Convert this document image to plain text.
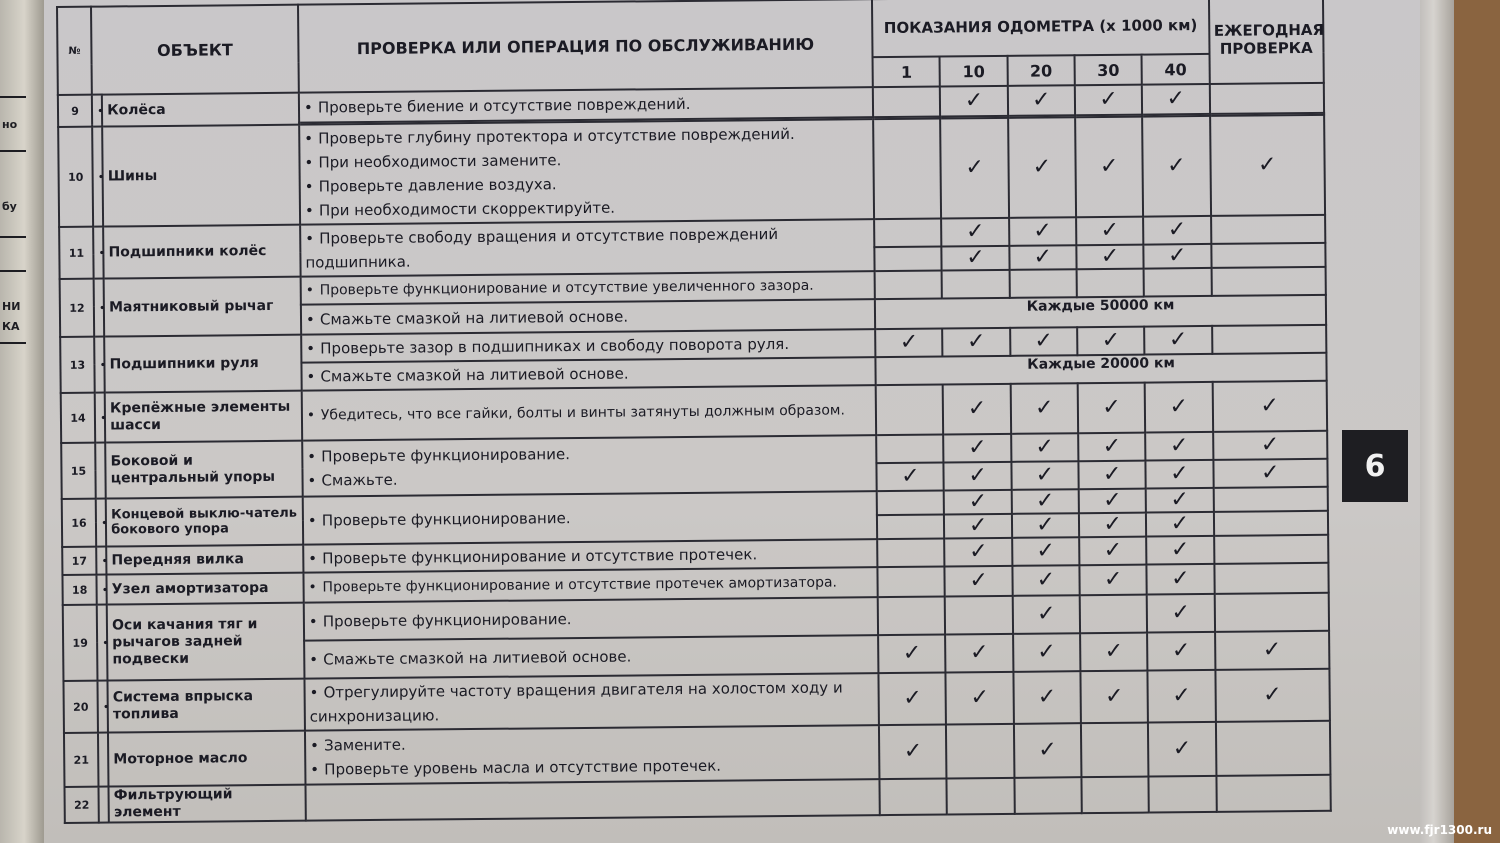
но
бу
НИ
КА
№	ОБЪЕКТ		ПРОВЕРКА ИЛИ ОПЕРАЦИЯ ПО ОБСЛУЖИВАНИЮ	ПОКАЗАНИЯ ОДОМЕТРА (х 1000 км)					ЕЖЕГОДНАЯ ПРОВЕРКА
				1	10	20	30	40	
9	•	Колёса	• Проверьте биение и отсутствие повреждений.		✓	✓	✓	✓	

10	•	Шины	• Проверьте глубину протектора и отсутствие повреждений.
• При необходимости замените.
• Проверьте давление воздуха.
• При необходимости скорректируйте.		✓	✓	✓	✓	✓
11	•	Подшипники колёс	• Проверьте свободу вращения и отсутствие повреждений подшипника.		✓	✓	✓	✓	
					✓	✓	✓	✓	
12	•	Маятниковый рычаг	• Проверьте функционирование и отсутствие увеличенного зазора.						

			• Смажьте смазкой на литиевой основе.	Каждые 50000 км					
13	•	Подшипники руля	• Проверьте зазор в подшипниках и свободу поворота руля.	✓	✓	✓	✓	✓	

			• Смажьте смазкой на литиевой основе.	Каждые 20000 км					
14	•	Крепёжные элементы шасси	• Убедитесь, что все гайки, болты и винты затянуты должным образом.		✓	✓	✓	✓	✓
15		Боковой и центральный упоры	• Проверьте функционирование.
• Смажьте.		✓	✓	✓	✓	✓
				✓	✓	✓	✓	✓	✓
16	•	Концевой выклю-чатель бокового упора	• Проверьте функционирование.		✓	✓	✓	✓	
					✓	✓	✓	✓	
17	•	Передняя вилка	• Проверьте функционирование и отсутствие протечек.		✓	✓	✓	✓	
18	•	Узел амортизатора	• Проверьте функционирование и отсутствие протечек амортизатора.		✓	✓	✓	✓	
19	•	Оси качания тяг и рычагов задней подвески	• Проверьте функционирование.			✓		✓	

			• Смажьте смазкой на литиевой основе.	✓	✓	✓	✓	✓	✓
20	•	Система впрыска топлива	• Отрегулируйте частоту вращения двигателя на холостом ходу и синхронизацию.	✓	✓	✓	✓	✓	✓
21		Моторное масло	• Замените.
• Проверьте уровень масла и отсутствие протечек.	✓		✓		✓	
22		Фильтрующий элемент							
6
www.fjr1300.ru
